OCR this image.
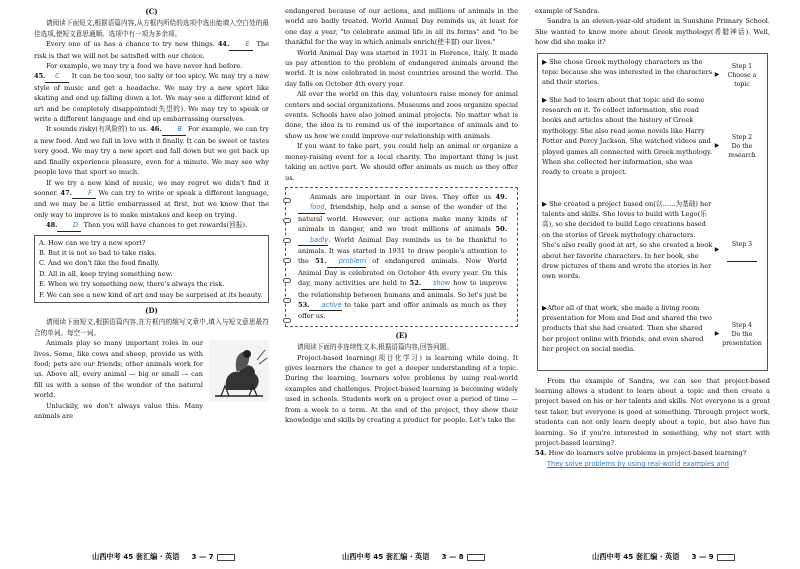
(C)

请阅读下面短文,根据语篇内容,从方框内所给的选项中选出能填入空白处的最佳选项,使短文意思通顺。选项中有一项为多余项。

Every one of us has a chance to try new things. 44. E The risk is that we will not be satisfied with our choice.

For example, we may try a food we have never had before.

45. C It can be too sour, too salty or too spicy. We may try a new style of music and get a headache. We may try a new sport like skating and end up falling down a lot. We may see a different kind of art and be completely disappointed(失望的). We may try to speak or write a different language and end up embarrassing ourselves.

It sounds risky(有风险的) to us. 46. B For example, we can try a new food. And we fall in love with it finally. It can be sweet or tastes very good. We may try a new sport and fall down but we get back up and finally experience pleasure, even for a minute. We may see why people love that sport so much.

If we try a new kind of music, we may regret we didn't find it sooner. 47. F We can try to write or speak a different language, and we may be a little embarrassed at first, but we know that the only way to improve is to make mistakes and keep on trying.

48. D Then you will have chances to get rewards(回报).

A. How can we try a new sport?
B. But it is not so bad to take risks.
C. And we don't like the food finally.
D. All in all, keep trying something new.
E. When we try something new, there's always the risk.
F. We can see a new kind of art and may be surprised at its beauty.
(D)

请阅读下面短文,根据语篇内容,在方框内的缩写文章中,填入与短文意思最符合的单词。每空一词。

Animals play so many important roles in our lives. Some, like cows and sheep, provide us with food; pets are our friends; other animals work for us. Above all, every animal — big or small — can fill us with a sense of the wonder of the natural world.

Unluckily, we don't always value this. Many animals are

endangered because of our actions, and millions of animals in the world are badly treated. World Animal Day reminds us, at least for one day a year, "to celebrate animal life in all its forms" and "to be thankful for the way in which animals enrich(使丰富) our lives."

World Animal Day was started in 1931 in Florence, Italy. It made us pay attention to the problem of endangered animals around the world. It is now celebrated in most countries around the world. The day falls on October 4th every year.

All over the world on this day, volunteers raise money for animal centers and social organizations. Museums and zoos organize special events. Schools have also joined animal projects. No matter what is done, the idea is to remind us of the importance of animals and to show us how we could improve our relationship with animals.

If you want to take part, you could help an animal or organize a money-raising event for a local charity. The important thing is just taking an active part. We should offer animals as much as they offer us.

Animals are important in our lives. They offer us 49.food, friendship, help and a sense of the wonder of the natural world. However, our actions make many kinds of animals in danger, and we treat millions of animals 50.badly. World Animal Day reminds us to be thankful to animals. It was started in 1931 to draw people's attention to the 51. problem of endangered animals. Now World Animal Day is celebrated on October 4th every year. On this day, many activities are held to 52. show how to improve the relationship between humans and animals. So let's just be 53. active to take part and offer animals as much as they offer us.

(E)

请阅读下面的非连续性文本,根据语篇内容,回答问题。

Project-based learning(项目化学习) is learning while doing. It gives learners the chance to get a deeper understanding of a topic. During the learning, learners solve problems by using real-world examples and challenges. Project-based learning is becoming widely used in schools. Students work on a project over a period of time — from a week to a term. At the end of the project, they show their knowledge and skills by creating a product for people. Let's take the

example of Sandra.

Sandra is an eleven-year-old student in Sunshine Primary School. She wanted to know more about Greek mythology(希腊神话). Well, how did she make it?

▶ She chose Greek mythology characters as the topic because she was interested in the characters and their stories.
▶
Step 1
Choose a topic
▶ She had to learn about that topic and do some research on it. To collect information, she read books and articles about the history of Greek mythology. She also read some novels like Harry Potter and Percy Jackson. She watched videos and played games all connected with Greek mythology. When she collected her information, she was ready to create a project.
▶
Step 2
Do the research
▶ She created a project based on(以……为基础) her talents and skills. She loves to build with Lego(乐高), so she decided to build Lego creations based on the stories of Greek mythology characters. She's also really good at art, so she created a book about her favorite characters. In her book, she drew pictures of them and wrote the stories in her own words.
▶
Step 3
▶After all of that work, she made a living room presentation for Mom and Dad and shared the two products that she had created. Then she shared her project online with friends, and even shared her project on social media.
▶
Step 4
Do the presentation

From the example of Sandra, we can see that project-based learning allows a student to learn about a topic and then create a project based on his or her talents and skills. Not everyone is a great test taker, but everyone is good at something. Through project work, students can not only learn deeply about a topic, but also have fun learning. So if you're interested in something, why not start with project-based learning?

54. How do learners solve problems in project-based learning?

They solve problems by using real-world examples and

山西中考 45 套汇编 · 英语 3 — 7	山西中考 45 套汇编 · 英语 3 — 8	山西中考 45 套汇编 · 英语 3 — 9
